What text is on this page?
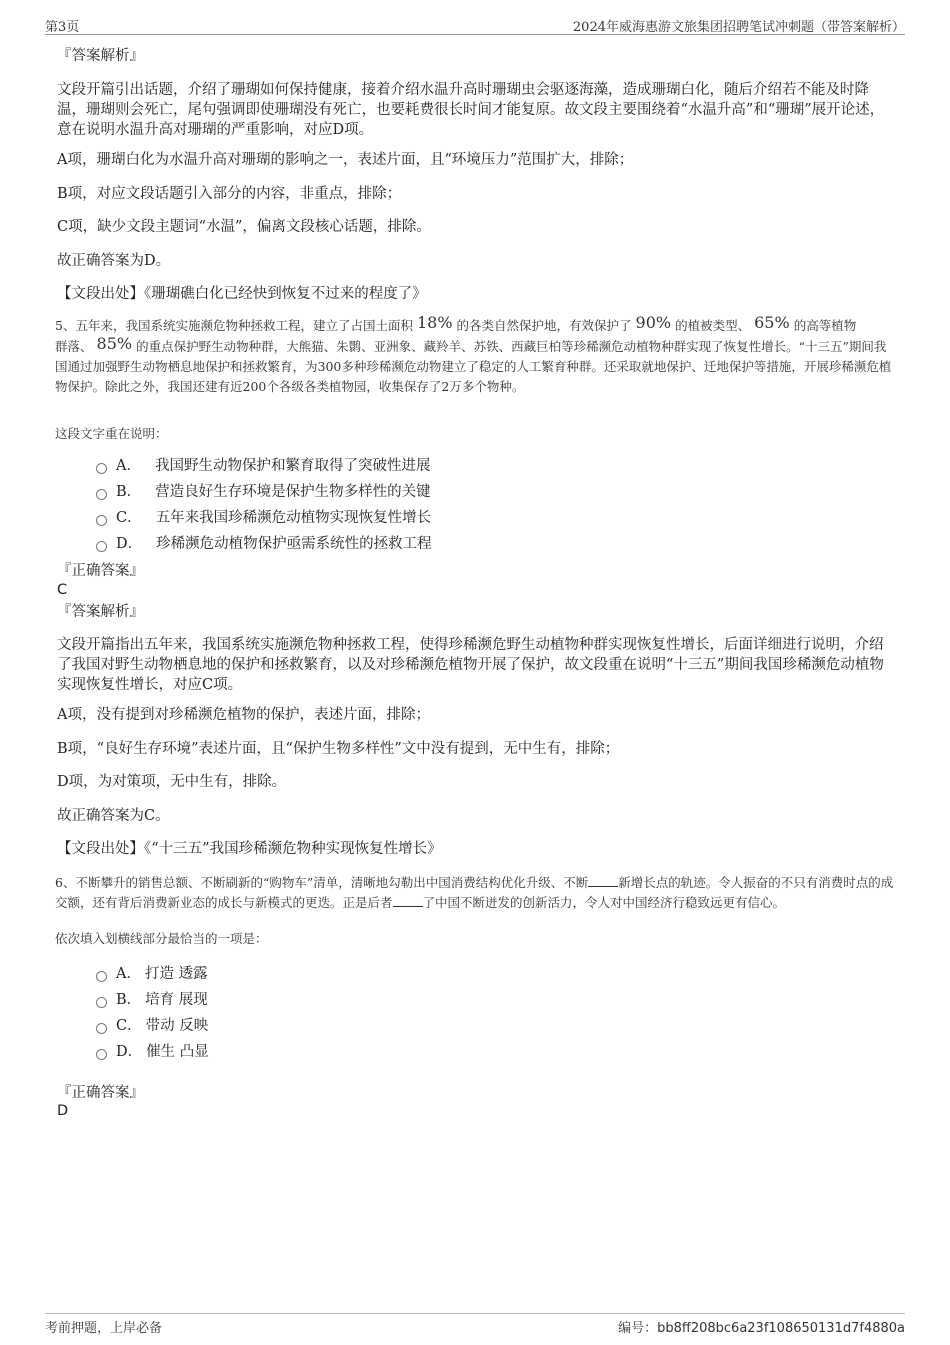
第3页	2024年威海惠游文旅集团招聘笔试冲刺题（带答案解析）
『答案解析』
文段开篇引出话题，介绍了珊瑚如何保持健康，接着介绍水温升高时珊瑚虫会驱逐海藻，造成珊瑚白化，随后介绍若不能及时降温，珊瑚则会死亡，尾句强调即使珊瑚没有死亡，也要耗费很长时间才能复原。故文段主要围绕着“水温升高”和“珊瑚”展开论述，意在说明水温升高对珊瑚的严重影响，对应D项。
A项，珊瑚白化为水温升高对珊瑚的影响之一，表述片面，且“环境压力”范围扩大，排除；
B项，对应文段话题引入部分的内容，非重点，排除；
C项，缺少文段主题词“水温”，偏离文段核心话题，排除。
故正确答案为D。
【文段出处】《珊瑚礁白化已经快到恢复不过来的程度了》
5、五年来，我国系统实施濒危物种拯救工程，建立了占国土面积 18% 的各类自然保护地，有效保护了 90% 的植被类型、 65% 的高等植物
群落、 85% 的重点保护野生动物种群，大熊猫、朱鹮、亚洲象、藏羚羊、苏铁、西藏巨柏等珍稀濒危动植物种群实现了恢复性增长。“十三五”期间我国通过加强野生动物栖息地保护和拯救繁育，为300多种珍稀濒危动物建立了稳定的人工繁育种群。还采取就地保护、迁地保护等措施，开展珍稀濒危植物保护。除此之外，我国还建有近200个各级各类植物园，收集保存了2万多个物种。
这段文字重在说明：
A． 我国野生动物保护和繁育取得了突破性进展
B． 营造良好生存环境是保护生物多样性的关键
C． 五年来我国珍稀濒危动植物实现恢复性增长
D． 珍稀濒危动植物保护亟需系统性的拯救工程
『正确答案』
C
『答案解析』
文段开篇指出五年来，我国系统实施濒危物种拯救工程，使得珍稀濒危野生动植物种群实现恢复性增长，后面详细进行说明，介绍了我国对野生动物栖息地的保护和拯救繁育，以及对珍稀濒危植物开展了保护，故文段重在说明“十三五”期间我国珍稀濒危动植物实现恢复性增长，对应C项。
A项，没有提到对珍稀濒危植物的保护，表述片面，排除；
B项，“良好生存环境”表述片面，且“保护生物多样性”文中没有提到，无中生有，排除；
D项，为对策项，无中生有，排除。
故正确答案为C。
【文段出处】《“十三五”我国珍稀濒危物种实现恢复性增长》
6、不断攀升的销售总额、不断刷新的“购物车”清单，清晰地勾勒出中国消费结构优化升级、不断 新增长点的轨迹。令人振奋的不只有消费时点的成交额，还有背后消费新业态的成长与新模式的更迭。正是后者 了中国不断迸发的创新活力，令人对中国经济行稳致远更有信心。
依次填入划横线部分最恰当的一项是：
A． 打造 透露
B． 培育 展现
C． 带动 反映
D． 催生 凸显
『正确答案』
D
考前押题，上岸必备	编号：bb8ff208bc6a23f108650131d7f4880a
